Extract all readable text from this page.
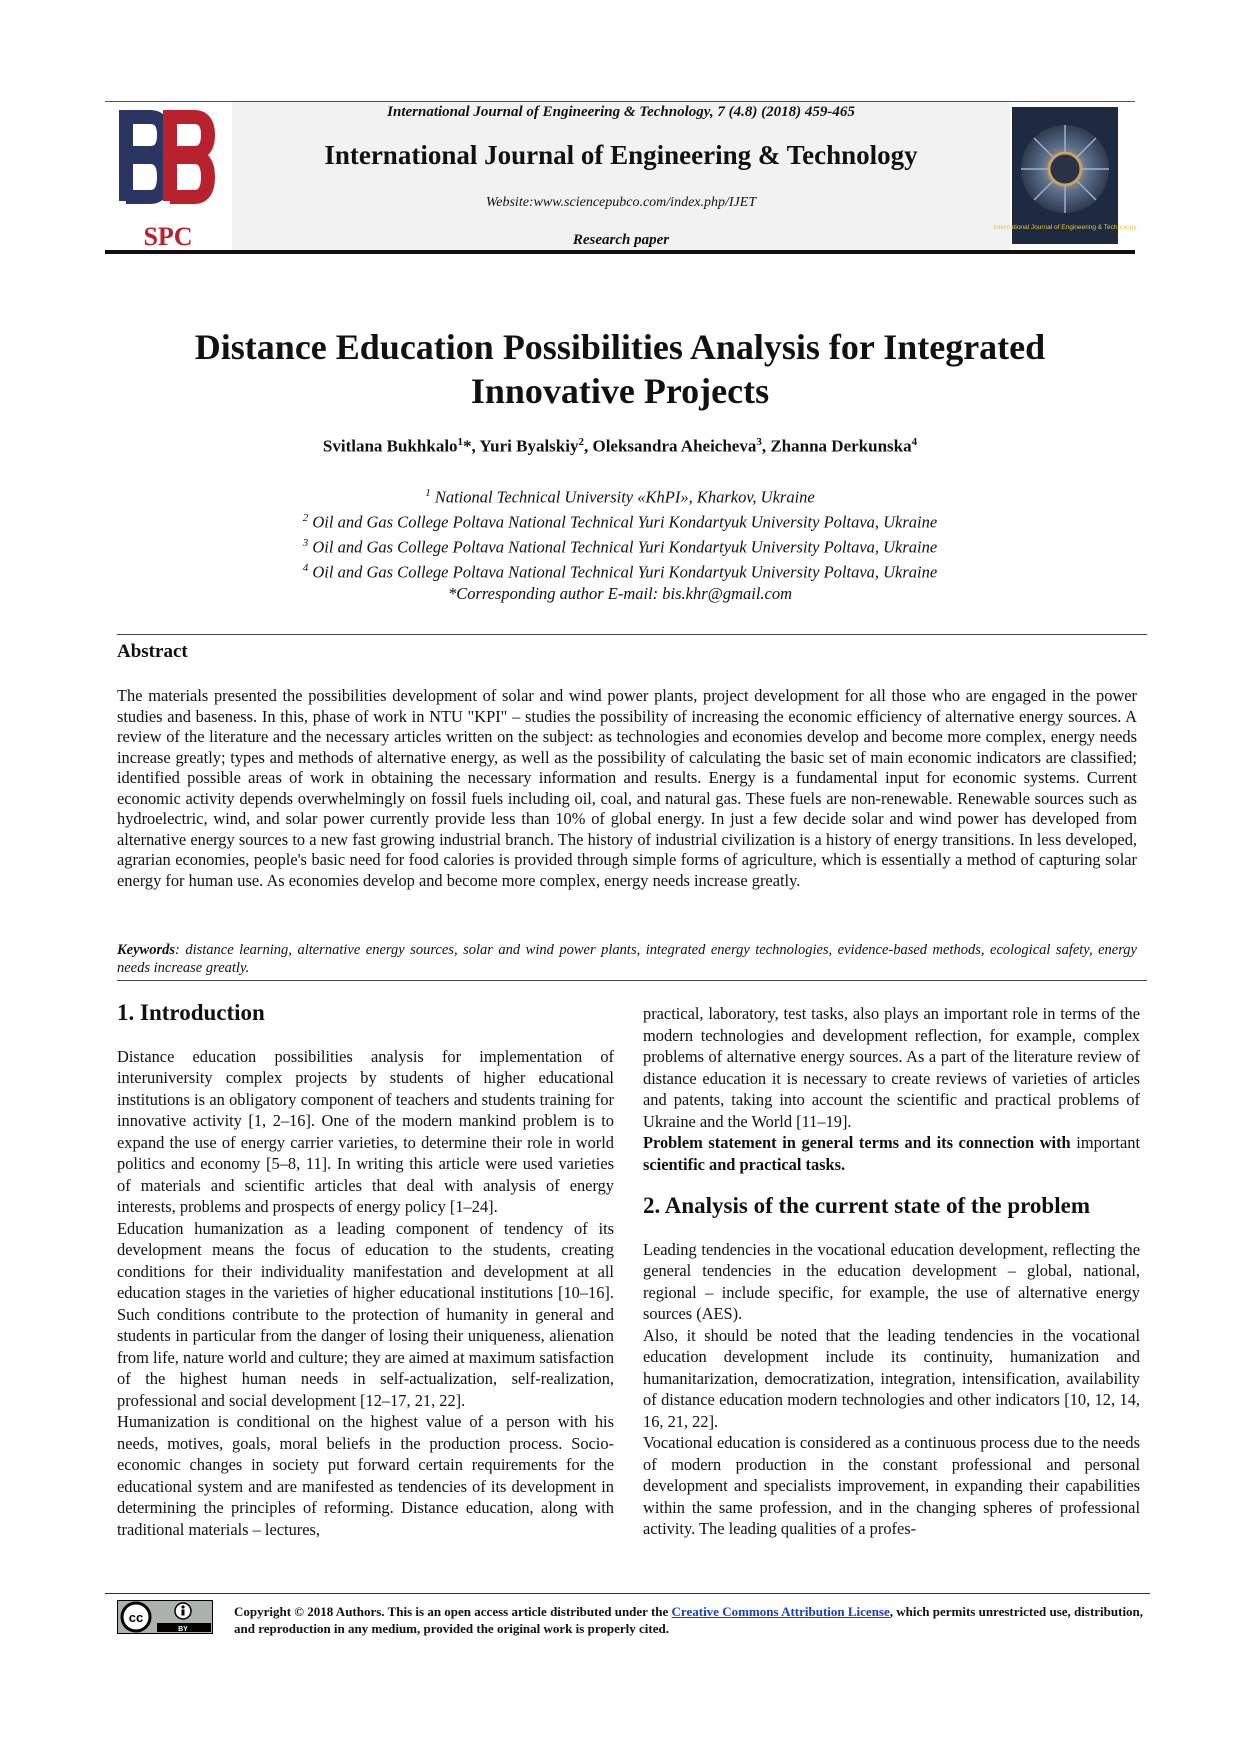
SPC
International Journal of Engineering & Technology, 7 (4.8) (2018) 459-465
International Journal of Engineering & Technology
Website:www.sciencepubco.com/index.php/IJET
Research paper
International Journal of Engineering & Technology
Distance Education Possibilities Analysis for Integrated
Innovative Projects
Svitlana Bukhkalo$^1$*, Yuri Byalskiy$^2$, Oleksandra Aheicheva$^3$, Zhanna Derkunska$^4$
$^1$ National Technical University «KhPI», Kharkov, Ukraine
$^2$ Oil and Gas College Poltava National Technical Yuri Kondartyuk University Poltava, Ukraine
$^3$ Oil and Gas College Poltava National Technical Yuri Kondartyuk University Poltava, Ukraine
$^4$ Oil and Gas College Poltava National Technical Yuri Kondartyuk University Poltava, Ukraine
*Corresponding author E-mail: bis.khr@gmail.com
Abstract
The materials presented the possibilities development of solar and wind power plants, project development for all those who are engaged in the power studies and baseness. In this, phase of work in NTU "KPI" – studies the possibility of increasing the economic efficiency of alternative energy sources. A review of the literature and the necessary articles written on the subject: as technologies and economies develop and become more complex, energy needs increase greatly; types and methods of alternative energy, as well as the possibility of calculating the basic set of main economic indicators are classified; identified possible areas of work in obtaining the necessary information and results. Energy is a fundamental input for economic systems. Current economic activity depends overwhelmingly on fossil fuels including oil, coal, and natural gas. These fuels are non-renewable. Renewable sources such as hydroelectric, wind, and solar power currently provide less than 10% of global energy. In just a few decide solar and wind power has developed from alternative energy sources to a new fast growing industrial branch. The history of industrial civilization is a history of energy transitions. In less developed, agrarian economies, people's basic need for food calories is provided through simple forms of agriculture, which is essentially a method of capturing solar energy for human use. As economies develop and become more complex, energy needs increase greatly.
Keywords: distance learning, alternative energy sources, solar and wind power plants, integrated energy technologies, evidence-based methods, ecological safety, energy needs increase greatly.
1. Introduction

Distance education possibilities analysis for implementation of interuniversity complex projects by students of higher educational institutions is an obligatory component of teachers and students training for innovative activity [1, 2–16]. One of the modern mankind problem is to expand the use of energy carrier varieties, to determine their role in world politics and economy [5–8, 11]. In writing this article were used varieties of materials and scientific articles that deal with analysis of energy interests, problems and prospects of energy policy [1–24].

Education humanization as a leading component of tendency of its development means the focus of education to the students, creating conditions for their individuality manifestation and development at all education stages in the varieties of higher educational institutions [10–16]. Such conditions contribute to the protection of humanity in general and students in particular from the danger of losing their uniqueness, alienation from life, nature world and culture; they are aimed at maximum satisfaction of the highest human needs in self-actualization, self-realization, professional and social development [12–17, 21, 22].

Humanization is conditional on the highest value of a person with his needs, motives, goals, moral beliefs in the production process. Socio-economic changes in society put forward certain requirements for the educational system and are manifested as tendencies of its development in determining the principles of reforming. Distance education, along with traditional materials – lectures,

practical, laboratory, test tasks, also plays an important role in terms of the modern technologies and development reflection, for example, complex problems of alternative energy sources. As a part of the literature review of distance education it is necessary to create reviews of varieties of articles and patents, taking into account the scientific and practical problems of Ukraine and the World [11–19].

Problem statement in general terms and its connection with important scientific and practical tasks.

2. Analysis of the current state of the problem

Leading tendencies in the vocational education development, reflecting the general tendencies in the education development – global, national, regional – include specific, for example, the use of alternative energy sources (AES).

Also, it should be noted that the leading tendencies in the vocational education development include its continuity, humanization and humanitarization, democratization, integration, intensification, availability of distance education modern technologies and other indicators [10, 12, 14, 16, 21, 22].

Vocational education is considered as a continuous process due to the needs of modern production in the constant professional and personal development and specialists improvement, in expanding their capabilities within the same profession, and in the changing spheres of professional activity. The leading qualities of a profes-

cc
BY
Copyright © 2018 Authors. This is an open access article distributed under the Creative Commons Attribution License, which permits unrestricted use, distribution, and reproduction in any medium, provided the original work is properly cited.
